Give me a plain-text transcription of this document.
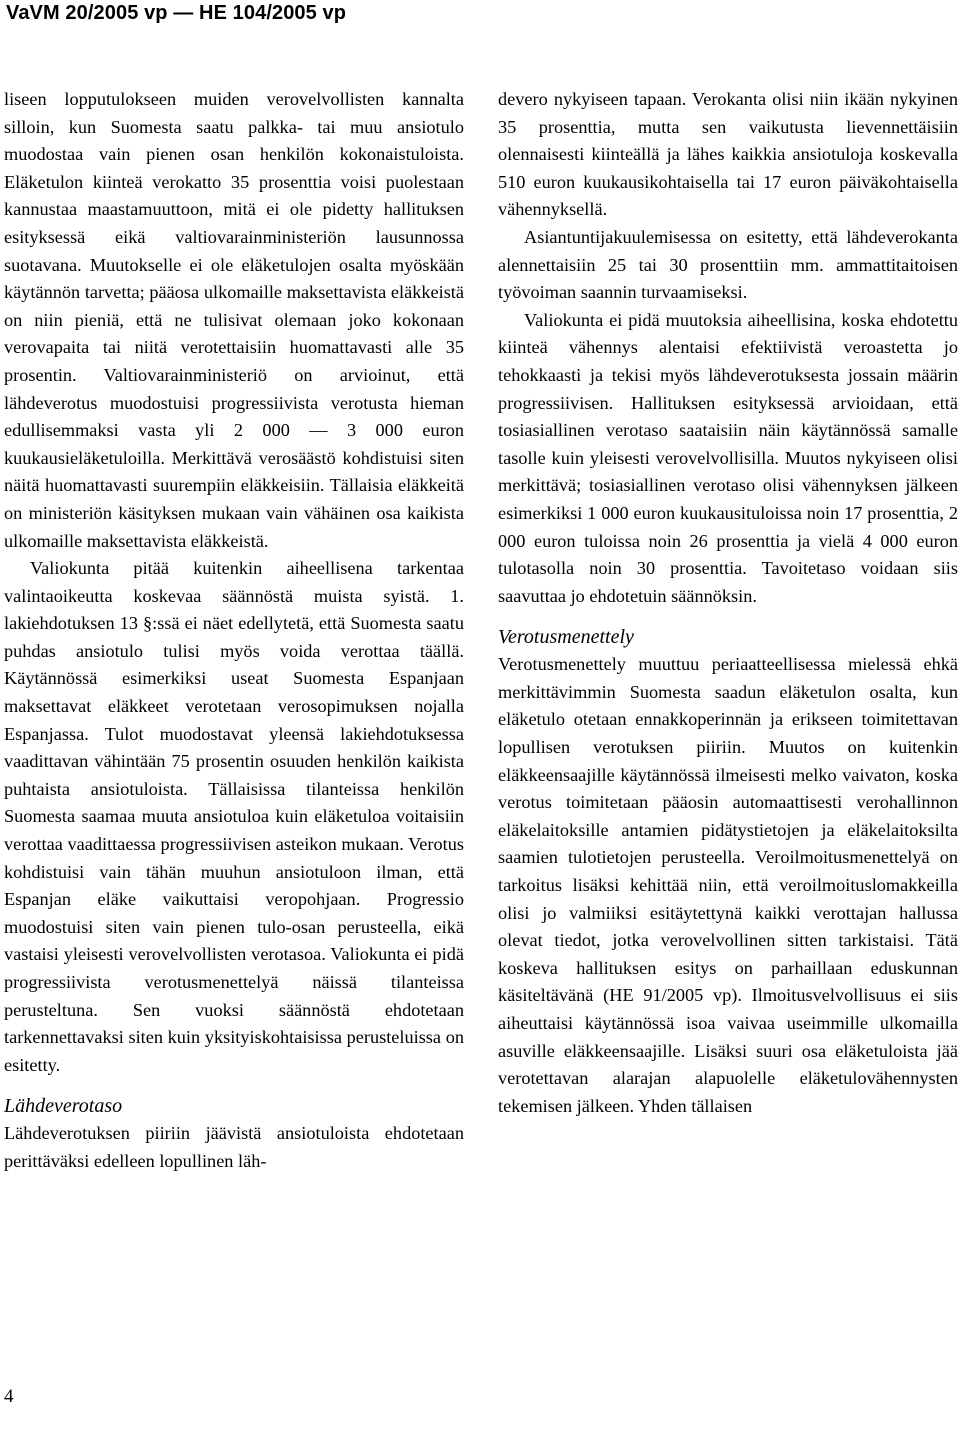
VaVM 20/2005 vp — HE 104/2005 vp

liseen lopputulokseen muiden verovelvollisten kannalta silloin, kun Suomesta saatu palkka- tai muu ansiotulo muodostaa vain pienen osan henkilön kokonaistuloista. Eläketulon kiinteä verokatto 35 prosenttia voisi puolestaan kannustaa maastamuuttoon, mitä ei ole pidetty hallituksen esityksessä eikä valtiovarainministeriön lausunnossa suotavana. Muutokselle ei ole eläketulojen osalta myöskään käytännön tarvetta; pääosa ulkomaille maksettavista eläkkeistä on niin pieniä, että ne tulisivat olemaan joko kokonaan verovapaita tai niitä verotettaisiin huomattavasti alle 35 prosentin. Valtiovarainministeriö on arvioinut, että lähdeverotus muodostuisi progressiivista verotusta hieman edullisemmaksi vasta yli 2 000 — 3 000 euron kuukausieläketuloilla. Merkittävä verosäästö kohdistuisi siten näitä huomattavasti suurempiin eläkkeisiin. Tällaisia eläkkeitä on ministeriön käsityksen mukaan vain vähäinen osa kaikista ulkomaille maksettavista eläkkeistä.

Valiokunta pitää kuitenkin aiheellisena tarkentaa valintaoikeutta koskevaa säännöstä muista syistä. 1. lakiehdotuksen 13 §:ssä ei näet edellytetä, että Suomesta saatu puhdas ansiotulo tulisi myös voida verottaa täällä. Käytännössä esimerkiksi useat Suomesta Espanjaan maksettavat eläkkeet verotetaan verosopimuksen nojalla Espanjassa. Tulot muodostavat yleensä lakiehdotuksessa vaadittavan vähintään 75 prosentin osuuden henkilön kaikista puhtaista ansiotuloista. Tällaisissa tilanteissa henkilön Suomesta saamaa muuta ansiotuloa kuin eläketuloa voitaisiin verottaa vaadittaessa progressiivisen asteikon mukaan. Verotus kohdistuisi vain tähän muuhun ansiotuloon ilman, että Espanjan eläke vaikuttaisi veropohjaan. Progressio muodostuisi siten vain pienen tulo-osan perusteella, eikä vastaisi yleisesti verovelvollisten verotasoa. Valiokunta ei pidä progressiivista verotusmenettelyä näissä tilanteissa perusteltuna. Sen vuoksi säännöstä ehdotetaan tarkennettavaksi siten kuin yksityiskohtaisissa perusteluissa on esitetty.

Lähdeverotaso

Lähdeverotuksen piiriin jäävistä ansiotuloista ehdotetaan perittäväksi edelleen lopullinen läh-

devero nykyiseen tapaan. Verokanta olisi niin ikään nykyinen 35 prosenttia, mutta sen vaikutusta lievennettäisiin olennaisesti kiinteällä ja lähes kaikkia ansiotuloja koskevalla 510 euron kuukausikohtaisella tai 17 euron päiväkohtaisella vähennyksellä.

Asiantuntijakuulemisessa on esitetty, että lähdeverokanta alennettaisiin 25 tai 30 prosenttiin mm. ammattitaitoisen työvoiman saannin turvaamiseksi.

Valiokunta ei pidä muutoksia aiheellisina, koska ehdotettu kiinteä vähennys alentaisi efektiivistä veroastetta jo tehokkaasti ja tekisi myös lähdeverotuksesta jossain määrin progressiivisen. Hallituksen esityksessä arvioidaan, että tosiasiallinen verotaso saataisiin näin käytännössä samalle tasolle kuin yleisesti verovelvollisilla. Muutos nykyiseen olisi merkittävä; tosiasiallinen verotaso olisi vähennyksen jälkeen esimerkiksi 1 000 euron kuukausituloissa noin 17 prosenttia, 2 000 euron tuloissa noin 26 prosenttia ja vielä 4 000 euron tulotasolla noin 30 prosenttia. Tavoitetaso voidaan siis saavuttaa jo ehdotetuin säännöksin.

Verotusmenettely

Verotusmenettely muuttuu periaatteellisessa mielessä ehkä merkittävimmin Suomesta saadun eläketulon osalta, kun eläketulo otetaan ennakkoperinnän ja erikseen toimitettavan lopullisen verotuksen piiriin. Muutos on kuitenkin eläkkeensaajille käytännössä ilmeisesti melko vaivaton, koska verotus toimitetaan pääosin automaattisesti verohallinnon eläkelaitoksille antamien pidätystietojen ja eläkelaitoksilta saamien tulotietojen perusteella. Veroilmoitusmenettelyä on tarkoitus lisäksi kehittää niin, että veroilmoituslomakkeilla olisi jo valmiiksi esitäytettynä kaikki verottajan hallussa olevat tiedot, jotka verovelvollinen sitten tarkistaisi. Tätä koskeva hallituksen esitys on parhaillaan eduskunnan käsiteltävänä (HE 91/2005 vp). Ilmoitusvelvollisuus ei siis aiheuttaisi käytännössä isoa vaivaa useimmille ulkomailla asuville eläkkeensaajille. Lisäksi suuri osa eläketuloista jää verotettavan alarajan alapuolelle eläketulovähennysten tekemisen jälkeen. Yhden tällaisen

4
